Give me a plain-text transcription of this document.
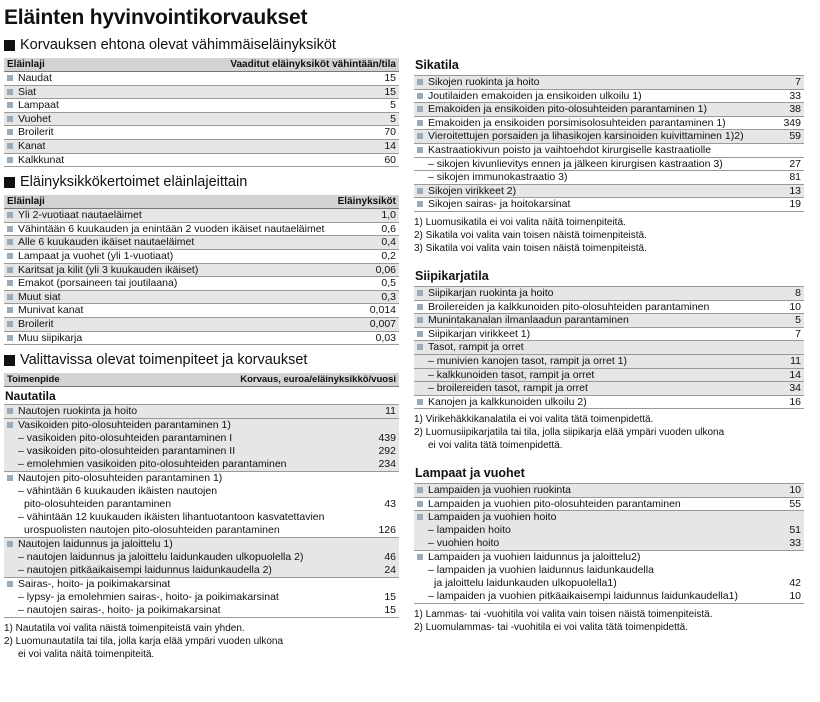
Eläinten hyvinvointikorvaukset
Korvauksen ehtona olevat vähimmäiseläinyksiköt
Eläinlaji	Vaaditut eläinyksiköt vähintään/tila
Naudat	15
Siat	15
Lampaat	5
Vuohet	5
Broilerit	70
Kanat	14
Kalkkunat	60
Eläinyksikkökertoimet eläinlajeittain
Eläinlaji	Eläinyksiköt
Yli 2-vuotiaat nautaeläimet	1,0
Vähintään 6 kuukauden ja enintään 2 vuoden ikäiset nautaeläimet	0,6
Alle 6 kuukauden ikäiset nautaeläimet	0,4
Lampaat ja vuohet (yli 1-vuotiaat)	0,2
Karitsat ja kilit (yli 3 kuukauden ikäiset)	0,06
Emakot (porsaineen tai joutilaana)	0,5
Muut siat	0,3
Munivat kanat	0,014
Broilerit	0,007
Muu siipikarja	0,03
Valittavissa olevat toimenpiteet ja korvaukset
Toimenpide	Korvaus, euroa/eläinyksikkö/vuosi
Nautatila
Nautojen ruokinta ja hoito	11
Vasikoiden pito-olosuhteiden parantaminen 1)
– vasikoiden pito-olosuhteiden parantaminen I	439
– vasikoiden pito-olosuhteiden parantaminen II	292
– emolehmien vasikoiden pito-olosuhteiden parantaminen	234
Nautojen pito-olosuhteiden parantaminen 1)
– vähintään 6 kuukauden ikäisten nautojen
pito-olosuhteiden parantaminen	43
– vähintään 12 kuukauden ikäisten lihantuotantoon kasvatettavien
urospuolisten nautojen pito-olosuhteiden parantaminen	126
Nautojen laidunnus ja jaloittelu 1)
– nautojen laidunnus ja jaloittelu laidunkauden ulkopuolella 2)	46
– nautojen pitkäaikaisempi laidunnus laidunkaudella 2)	24
Sairas-, hoito- ja poikimakarsinat
– lypsy- ja emolehmien sairas-, hoito- ja poikimakarsinat	15
– nautojen sairas-, hoito- ja poikimakarsinat	15
1) Nautatila voi valita näistä toimenpiteistä vain yhden.
2) Luomunautatila tai tila, jolla karja elää ympäri vuoden ulkona
ei voi valita näitä toimenpiteitä.
Sikatila
Sikojen ruokinta ja hoito	7
Joutilaiden emakoiden ja ensikoiden ulkoilu 1)	33
Emakoiden ja ensikoiden pito-olosuhteiden parantaminen 1)	38
Emakoiden ja ensikoiden porsimisolosuhteiden parantaminen 1)	349
Vieroitettujen porsaiden ja lihasikojen karsinoiden kuivittaminen 1)2)	59
Kastraatiokivun poisto ja vaihtoehdot kirurgiselle kastraatiolle
– sikojen kivunlievitys ennen ja jälkeen kirurgisen kastraation 3)	27
– sikojen immunokastraatio 3)	81
Sikojen virikkeet 2)	13
Sikojen sairas- ja hoitokarsinat	19
1) Luomusikatila ei voi valita näitä toimenpiteitä.
2) Sikatila voi valita vain toisen näistä toimenpiteistä.
3) Sikatila voi valita vain toisen näistä toimenpiteistä.
Siipikarjatila
Siipikarjan ruokinta ja hoito	8
Broilereiden ja kalkkunoiden pito-olosuhteiden parantaminen	10
Munintakanalan ilmanlaadun parantaminen	5
Siipikarjan virikkeet 1)	7
Tasot, rampit ja orret
– munivien kanojen tasot, rampit ja orret 1)	11
– kalkkunoiden tasot, rampit ja orret	14
– broilereiden tasot, rampit ja orret	34
Kanojen ja kalkkunoiden ulkoilu 2)	16
1) Virikehäkkikanalatila ei voi valita tätä toimenpidettä.
2) Luomusiipikarjatila tai tila, jolla siipikarja elää ympäri vuoden ulkona
ei voi valita tätä toimenpidettä.
Lampaat ja vuohet
Lampaiden ja vuohien ruokinta	10
Lampaiden ja vuohien pito-olosuhteiden parantaminen	55
Lampaiden ja vuohien hoito
– lampaiden hoito	51
– vuohien hoito	33
Lampaiden ja vuohien laidunnus ja jaloittelu2)
– lampaiden ja vuohien laidunnus laidunkaudella
ja jaloittelu laidunkauden ulkopuolella1)	42
– lampaiden ja vuohien pitkäaikaisempi laidunnus laidunkaudella1)	10
1) Lammas- tai -vuohitila voi valita vain toisen näistä toimenpiteistä.
2) Luomulammas- tai -vuohitila ei voi valita tätä toimenpidettä.
